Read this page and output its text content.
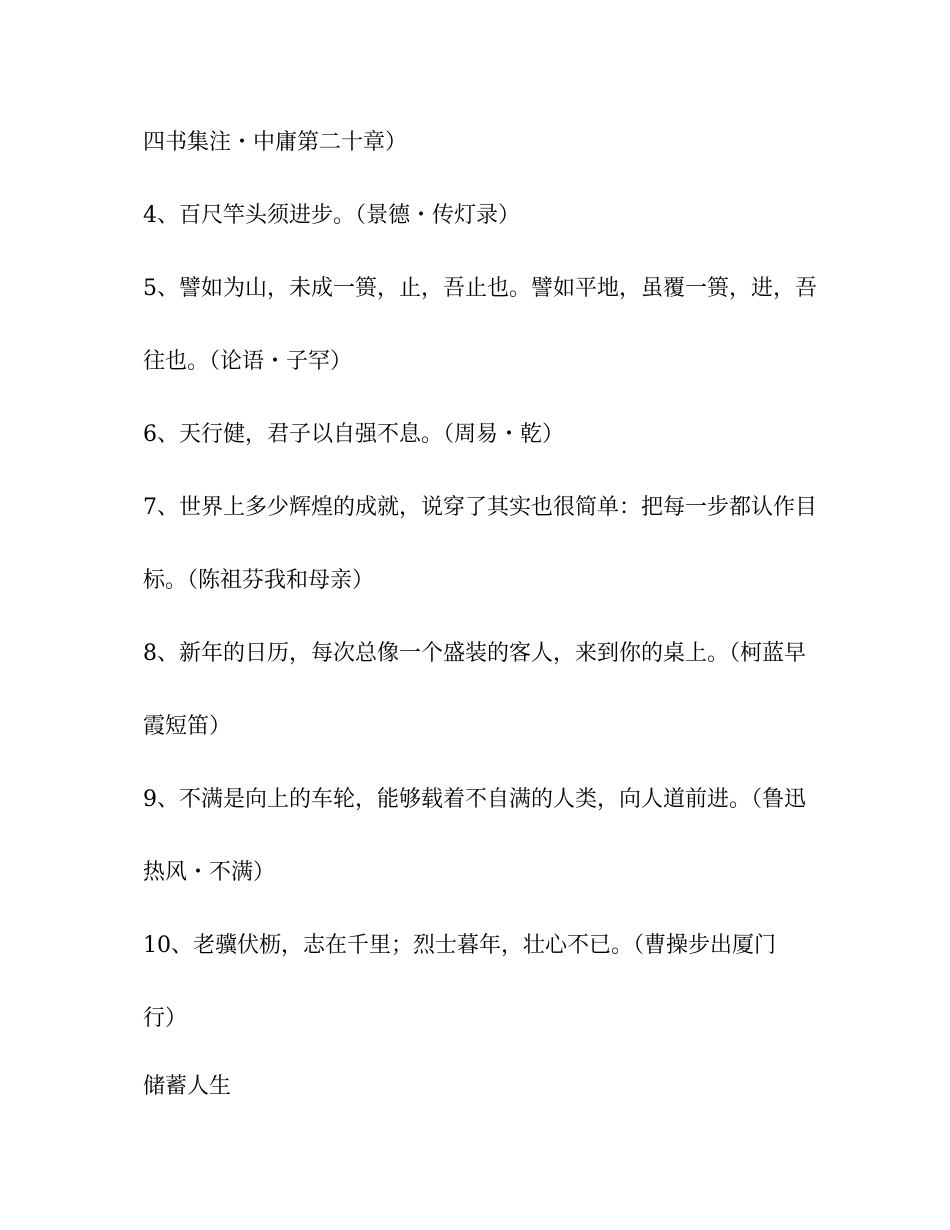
四书集注・中庸第二十章）
4、百尺竿头须进步。（景德・传灯录）
5、譬如为山，未成一篑，止，吾止也。譬如平地，虽覆一篑，进，吾
往也。（论语・子罕）
6、天行健，君子以自强不息。（周易・乾）
7、世界上多少辉煌的成就，说穿了其实也很简单：把每一步都认作目
标。（陈祖芬我和母亲）
8、新年的日历，每次总像一个盛装的客人，来到你的桌上。（柯蓝早
霞短笛）
9、不满是向上的车轮，能够载着不自满的人类，向人道前进。（鲁迅
热风・不满）
10、老骥伏枥，志在千里；烈士暮年，壮心不已。（曹操步出厦门
行）
储蓄人生
